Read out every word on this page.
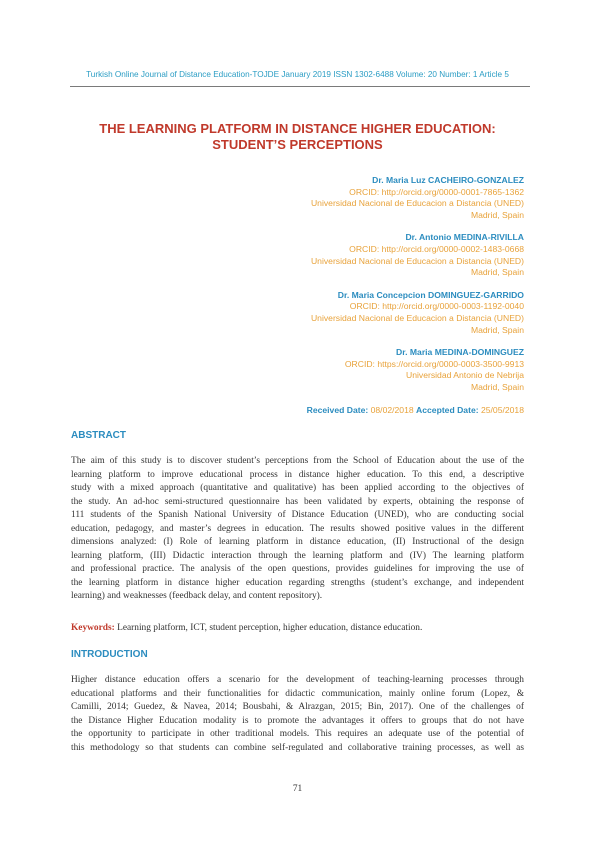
Turkish Online Journal of Distance Education-TOJDE January 2019 ISSN 1302-6488 Volume: 20 Number: 1 Article 5
THE LEARNING PLATFORM IN DISTANCE HIGHER EDUCATION:
STUDENT’S PERCEPTIONS
Dr. Maria Luz CACHEIRO-GONZALEZ
ORCID: http://orcid.org/0000-0001-7865-1362
Universidad Nacional de Educacion a Distancia (UNED)
Madrid, Spain
Dr. Antonio MEDINA-RIVILLA
ORCID: http://orcid.org/0000-0002-1483-0668
Universidad Nacional de Educacion a Distancia (UNED)
Madrid, Spain
Dr. Maria Concepcion DOMINGUEZ-GARRIDO
ORCID: http://orcid.org/0000-0003-1192-0040
Universidad Nacional de Educacion a Distancia (UNED)
Madrid, Spain
Dr. Maria MEDINA-DOMINGUEZ
ORCID: https://orcid.org/0000-0003-3500-9913
Universidad Antonio de Nebrija
Madrid, Spain
Received Date: 08/02/2018 Accepted Date: 25/05/2018
ABSTRACT
The aim of this study is to discover student’s perceptions from the School of Education about the use of the
learning platform to improve educational process in distance higher education. To this end, a descriptive
study with a mixed approach (quantitative and qualitative) has been applied according to the objectives of
the study. An ad-hoc semi-structured questionnaire has been validated by experts, obtaining the response of
111 students of the Spanish National University of Distance Education (UNED), who are conducting social
education, pedagogy, and master’s degrees in education. The results showed positive values in the different
dimensions analyzed: (I) Role of learning platform in distance education, (II) Instructional of the design
learning platform, (III) Didactic interaction through the learning platform and (IV) The learning platform
and professional practice. The analysis of the open questions, provides guidelines for improving the use of
the learning platform in distance higher education regarding strengths (student’s exchange, and independent
learning) and weaknesses (feedback delay, and content repository).
Keywords: Learning platform, ICT, student perception, higher education, distance education.
INTRODUCTION
Higher distance education offers a scenario for the development of teaching-learning processes through
educational platforms and their functionalities for didactic communication, mainly online forum (Lopez, &
Camilli, 2014; Guedez, & Navea, 2014; Bousbahi, & Alrazgan, 2015; Bin, 2017). One of the challenges of
the Distance Higher Education modality is to promote the advantages it offers to groups that do not have
the opportunity to participate in other traditional models. This requires an adequate use of the potential of
this methodology so that students can combine self-regulated and collaborative training processes, as well as
71
